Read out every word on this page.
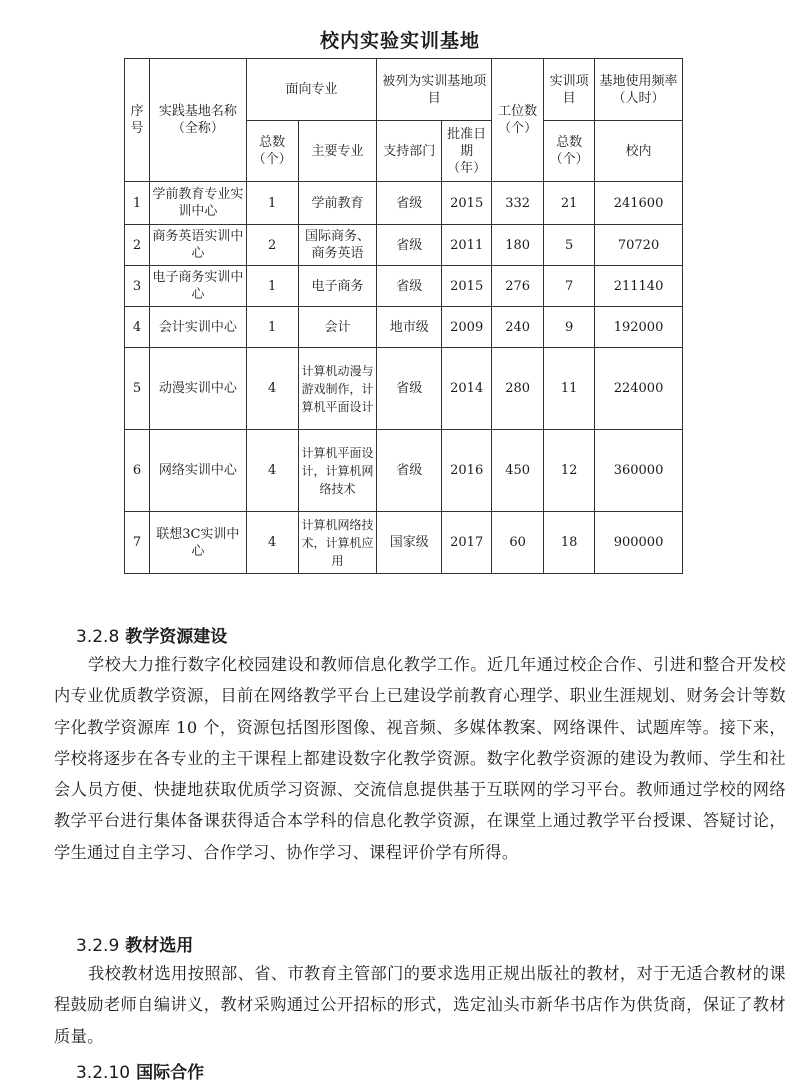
校内实验实训基地
序号	实践基地名称（全称）	面向专业		被列为实训基地项目		工位数（个）	实训项目	基地使用频率（人时）
		总数（个）	主要专业	支持部门	批准日期（年）		总数（个）	校内
1	学前教育专业实训中心	1	学前教育	省级	2015	332	21	241600
2	商务英语实训中心	2	国际商务、商务英语	省级	2011	180	5	70720
3	电子商务实训中心	1	电子商务	省级	2015	276	7	211140
4	会计实训中心	1	会计	地市级	2009	240	9	192000
5	动漫实训中心	4	计算机动漫与游戏制作，计算机平面设计	省级	2014	280	11	224000
6	网络实训中心	4	计算机平面设计，计算机网络技术	省级	2016	450	12	360000
7	联想3C实训中心	4	计算机网络技术，计算机应用	国家级	2017	60	18	900000
3.2.8 教学资源建设
学校大力推行数字化校园建设和教师信息化教学工作。近几年通过校企合作、引进和整合开发校内专业优质教学资源，目前在网络教学平台上已建设学前教育心理学、职业生涯规划、财务会计等数字化教学资源库 10 个，资源包括图形图像、视音频、多媒体教案、网络课件、试题库等。接下来，学校将逐步在各专业的主干课程上都建设数字化教学资源。数字化教学资源的建设为教师、学生和社会人员方便、快捷地获取优质学习资源、交流信息提供基于互联网的学习平台。教师通过学校的网络教学平台进行集体备课获得适合本学科的信息化教学资源，在课堂上通过教学平台授课、答疑讨论，学生通过自主学习、合作学习、协作学习、课程评价学有所得。
3.2.9 教材选用
我校教材选用按照部、省、市教育主管部门的要求选用正规出版社的教材，对于无适合教材的课程鼓励老师自编讲义，教材采购通过公开招标的形式，选定汕头市新华书店作为供货商，保证了教材质量。
3.2.10 国际合作
